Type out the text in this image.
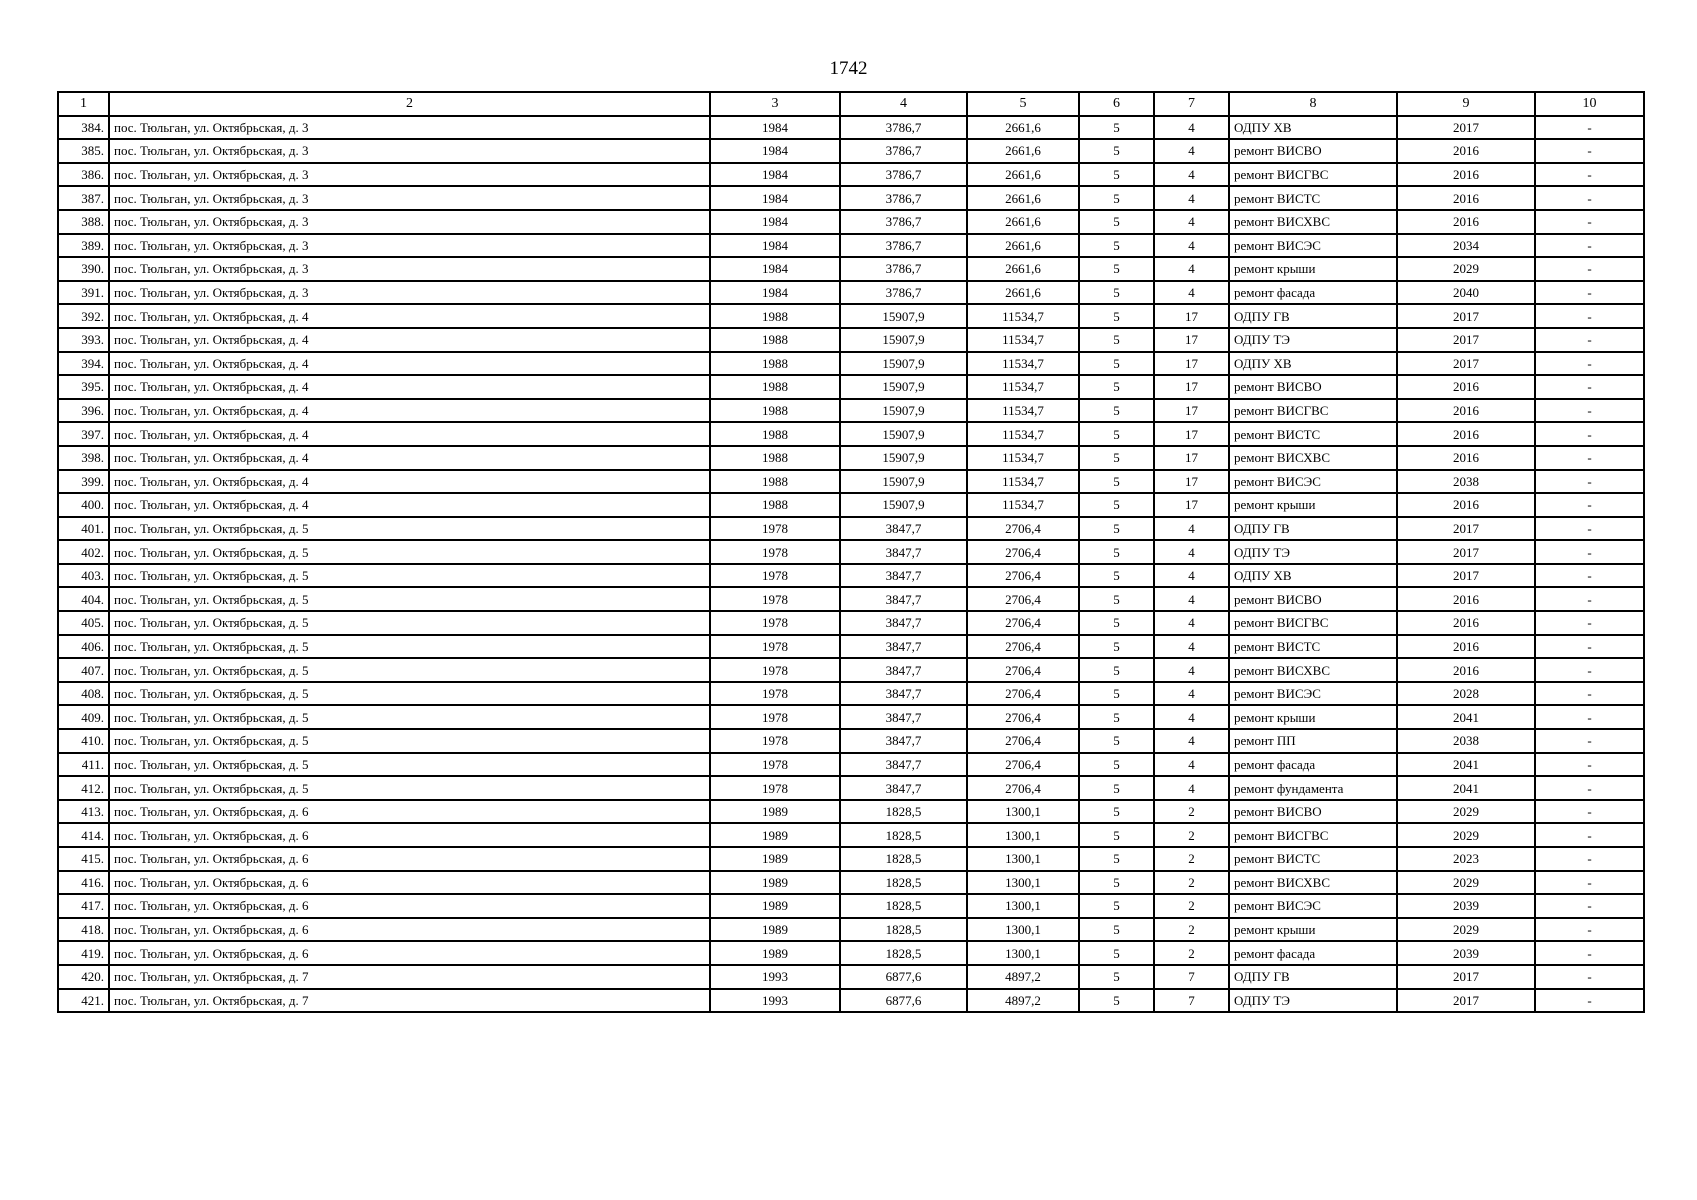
1742
1	2	3	4	5	6	7	8	9	10
384.	пос. Тюльган, ул. Октябрьская, д. 3	1984	3786,7	2661,6	5	4	ОДПУ ХВ	2017	-
385.	пос. Тюльган, ул. Октябрьская, д. 3	1984	3786,7	2661,6	5	4	ремонт ВИСВО	2016	-
386.	пос. Тюльган, ул. Октябрьская, д. 3	1984	3786,7	2661,6	5	4	ремонт ВИСГВС	2016	-
387.	пос. Тюльган, ул. Октябрьская, д. 3	1984	3786,7	2661,6	5	4	ремонт ВИСТС	2016	-
388.	пос. Тюльган, ул. Октябрьская, д. 3	1984	3786,7	2661,6	5	4	ремонт ВИСХВС	2016	-
389.	пос. Тюльган, ул. Октябрьская, д. 3	1984	3786,7	2661,6	5	4	ремонт ВИСЭС	2034	-
390.	пос. Тюльган, ул. Октябрьская, д. 3	1984	3786,7	2661,6	5	4	ремонт крыши	2029	-
391.	пос. Тюльган, ул. Октябрьская, д. 3	1984	3786,7	2661,6	5	4	ремонт фасада	2040	-
392.	пос. Тюльган, ул. Октябрьская, д. 4	1988	15907,9	11534,7	5	17	ОДПУ ГВ	2017	-
393.	пос. Тюльган, ул. Октябрьская, д. 4	1988	15907,9	11534,7	5	17	ОДПУ ТЭ	2017	-
394.	пос. Тюльган, ул. Октябрьская, д. 4	1988	15907,9	11534,7	5	17	ОДПУ ХВ	2017	-
395.	пос. Тюльган, ул. Октябрьская, д. 4	1988	15907,9	11534,7	5	17	ремонт ВИСВО	2016	-
396.	пос. Тюльган, ул. Октябрьская, д. 4	1988	15907,9	11534,7	5	17	ремонт ВИСГВС	2016	-
397.	пос. Тюльган, ул. Октябрьская, д. 4	1988	15907,9	11534,7	5	17	ремонт ВИСТС	2016	-
398.	пос. Тюльган, ул. Октябрьская, д. 4	1988	15907,9	11534,7	5	17	ремонт ВИСХВС	2016	-
399.	пос. Тюльган, ул. Октябрьская, д. 4	1988	15907,9	11534,7	5	17	ремонт ВИСЭС	2038	-
400.	пос. Тюльган, ул. Октябрьская, д. 4	1988	15907,9	11534,7	5	17	ремонт крыши	2016	-
401.	пос. Тюльган, ул. Октябрьская, д. 5	1978	3847,7	2706,4	5	4	ОДПУ ГВ	2017	-
402.	пос. Тюльган, ул. Октябрьская, д. 5	1978	3847,7	2706,4	5	4	ОДПУ ТЭ	2017	-
403.	пос. Тюльган, ул. Октябрьская, д. 5	1978	3847,7	2706,4	5	4	ОДПУ ХВ	2017	-
404.	пос. Тюльган, ул. Октябрьская, д. 5	1978	3847,7	2706,4	5	4	ремонт ВИСВО	2016	-
405.	пос. Тюльган, ул. Октябрьская, д. 5	1978	3847,7	2706,4	5	4	ремонт ВИСГВС	2016	-
406.	пос. Тюльган, ул. Октябрьская, д. 5	1978	3847,7	2706,4	5	4	ремонт ВИСТС	2016	-
407.	пос. Тюльган, ул. Октябрьская, д. 5	1978	3847,7	2706,4	5	4	ремонт ВИСХВС	2016	-
408.	пос. Тюльган, ул. Октябрьская, д. 5	1978	3847,7	2706,4	5	4	ремонт ВИСЭС	2028	-
409.	пос. Тюльган, ул. Октябрьская, д. 5	1978	3847,7	2706,4	5	4	ремонт крыши	2041	-
410.	пос. Тюльган, ул. Октябрьская, д. 5	1978	3847,7	2706,4	5	4	ремонт ПП	2038	-
411.	пос. Тюльган, ул. Октябрьская, д. 5	1978	3847,7	2706,4	5	4	ремонт фасада	2041	-
412.	пос. Тюльган, ул. Октябрьская, д. 5	1978	3847,7	2706,4	5	4	ремонт фундамента	2041	-
413.	пос. Тюльган, ул. Октябрьская, д. 6	1989	1828,5	1300,1	5	2	ремонт ВИСВО	2029	-
414.	пос. Тюльган, ул. Октябрьская, д. 6	1989	1828,5	1300,1	5	2	ремонт ВИСГВС	2029	-
415.	пос. Тюльган, ул. Октябрьская, д. 6	1989	1828,5	1300,1	5	2	ремонт ВИСТС	2023	-
416.	пос. Тюльган, ул. Октябрьская, д. 6	1989	1828,5	1300,1	5	2	ремонт ВИСХВС	2029	-
417.	пос. Тюльган, ул. Октябрьская, д. 6	1989	1828,5	1300,1	5	2	ремонт ВИСЭС	2039	-
418.	пос. Тюльган, ул. Октябрьская, д. 6	1989	1828,5	1300,1	5	2	ремонт крыши	2029	-
419.	пос. Тюльган, ул. Октябрьская, д. 6	1989	1828,5	1300,1	5	2	ремонт фасада	2039	-
420.	пос. Тюльган, ул. Октябрьская, д. 7	1993	6877,6	4897,2	5	7	ОДПУ ГВ	2017	-
421.	пос. Тюльган, ул. Октябрьская, д. 7	1993	6877,6	4897,2	5	7	ОДПУ ТЭ	2017	-
